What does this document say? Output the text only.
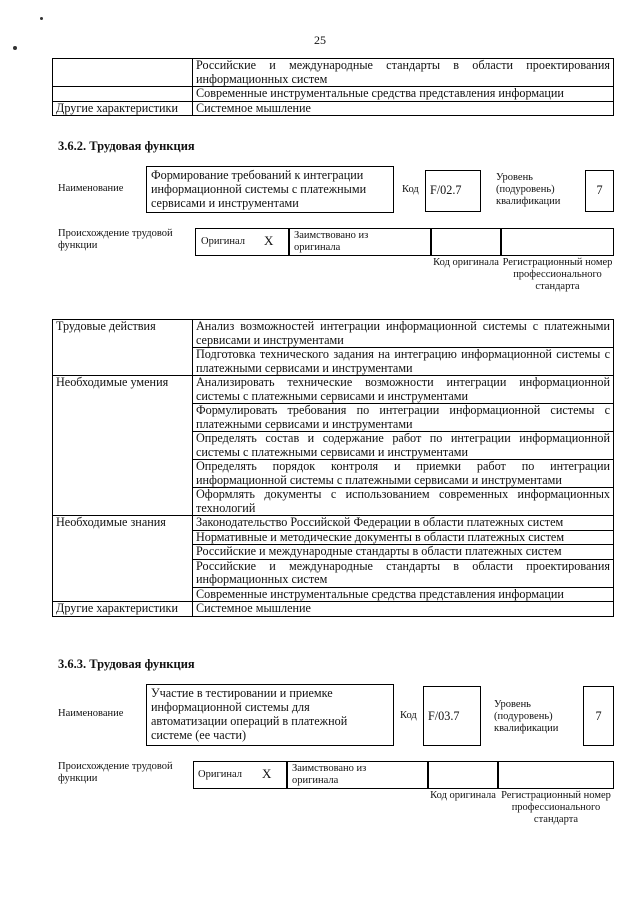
25
	Российские и международные стандарты в области проектирования информационных систем
	Современные инструментальные средства представления информации
Другие характеристики	Системное мышление
3.6.2. Трудовая функция
Наименование
Формирование требований к интеграции информационной системы с платежными сервисами и инструментами
Код F/02.7
Уровень (подуровень) квалификации
7
Происхождение трудовой функции	Оригинал X Заимствовано из оригинала
Код оригинала Регистрационный номер профессионального стандарта
Трудовые действия	Анализ возможностей интеграции информационной системы с платежными сервисами и инструментами
	Подготовка технического задания на интеграцию информационной системы с платежными сервисами и инструментами
Необходимые умения	Анализировать технические возможности интеграции информационной системы с платежными сервисами и инструментами
	Формулировать требования по интеграции информационной системы с платежными сервисами и инструментами
	Определять состав и содержание работ по интеграции информационной системы с платежными сервисами и инструментами
	Определять порядок контроля и приемки работ по интеграции информационной системы с платежными сервисами и инструментами
	Оформлять документы с использованием современных информационных технологий
Необходимые знания	Законодательство Российской Федерации в области платежных систем
	Нормативные и методические документы в области платежных систем
	Российские и международные стандарты в области платежных систем
	Российские и международные стандарты в области проектирования информационных систем
	Современные инструментальные средства представления информации
Другие характеристики	Системное мышление
3.6.3. Трудовая функция
Наименование
Участие в тестировании и приемке информационной системы для автоматизации операций в платежной системе (ее части)
Код F/03.7
Уровень (подуровень) квалификации
7
Происхождение трудовой функции	Оригинал X Заимствовано из оригинала
Код оригинала Регистрационный номер профессионального стандарта
